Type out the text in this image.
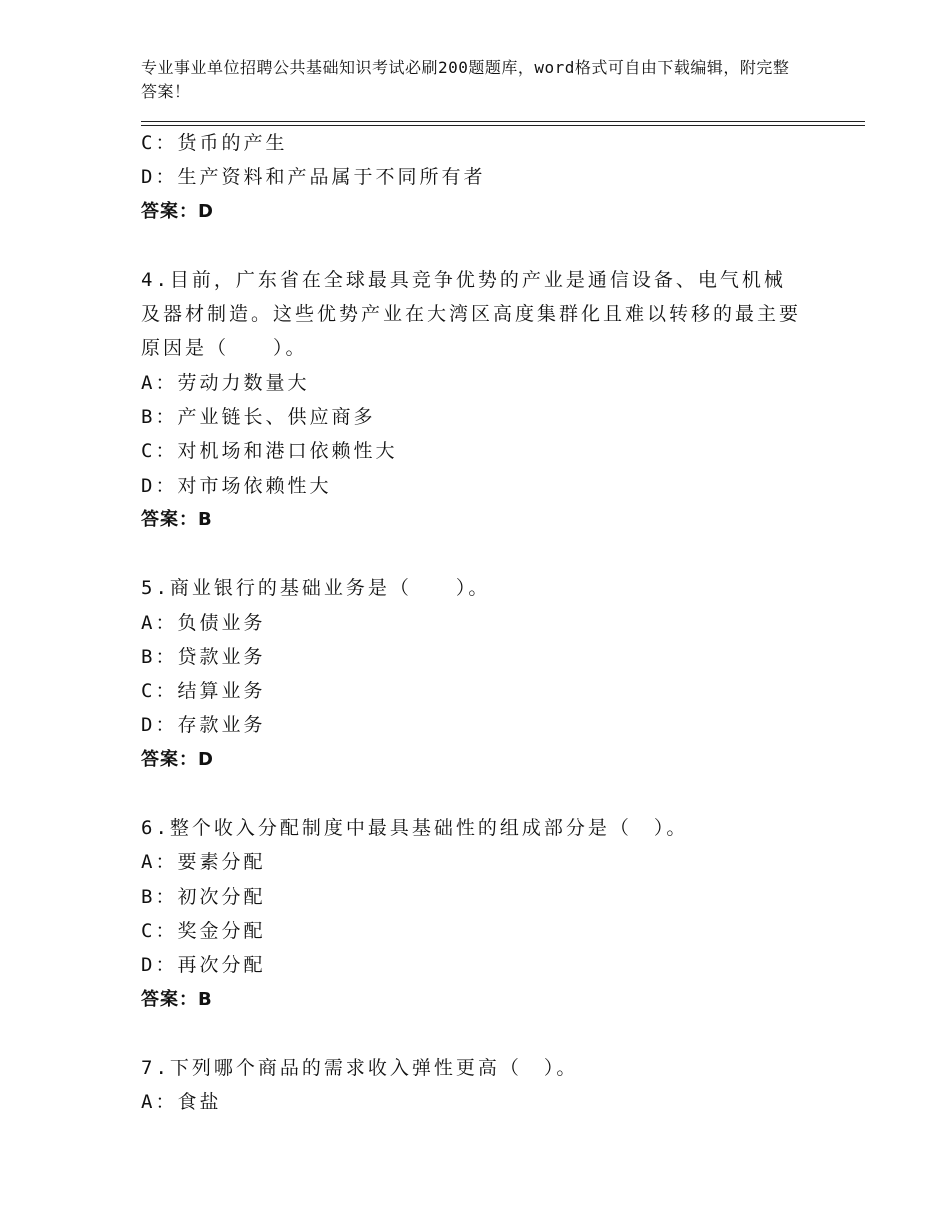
专业事业单位招聘公共基础知识考试必刷200题题库，word格式可自由下载编辑，附完整答案！
C：货币的产生
D：生产资料和产品属于不同所有者
答案：D
4.目前，广东省在全球最具竞争优势的产业是通信设备、电气机械及器材制造。这些优势产业在大湾区高度集群化且难以转移的最主要原因是（　　）。
A：劳动力数量大
B：产业链长、供应商多
C：对机场和港口依赖性大
D：对市场依赖性大
答案：B
5.商业银行的基础业务是（　　）。
A：负债业务
B：贷款业务
C：结算业务
D：存款业务
答案：D
6.整个收入分配制度中最具基础性的组成部分是（　）。
A：要素分配
B：初次分配
C：奖金分配
D：再次分配
答案：B
7.下列哪个商品的需求收入弹性更高（　）。
A：食盐
